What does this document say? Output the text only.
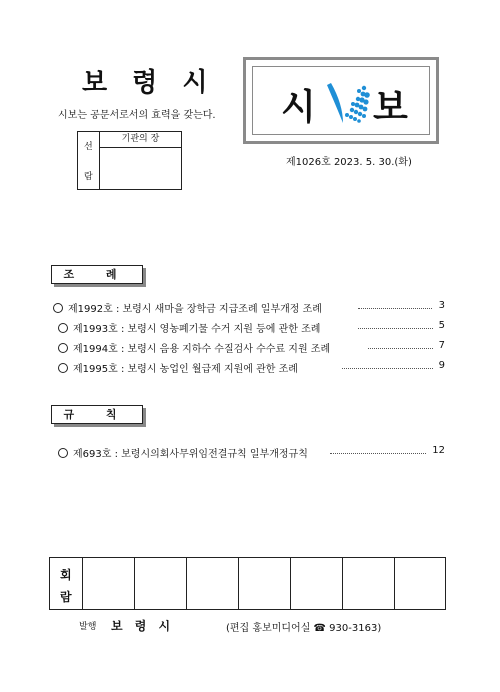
보 령 시
시보는 공문서로서의 효력을 갖는다.
선
람
기관의 장
시 보
제1026호 2023. 5. 30.(화)
조 례
제1992호 : 보령시 새마을 장학금 지급조례 일부개정 조례	3
제1993호 : 보령시 영농폐기물 수거 지원 등에 관한 조례	5
제1994호 : 보령시 음용 지하수 수질검사 수수료 지원 조례	7
제1995호 : 보령시 농업인 월급제 지원에 관한 조례	9
규 칙
제693호 : 보령시의회사무위임전결규칙 일부개정규칙	12
회
람
발행 보 령 시	(편집 홍보미디어실 ☎ 930-3163)
